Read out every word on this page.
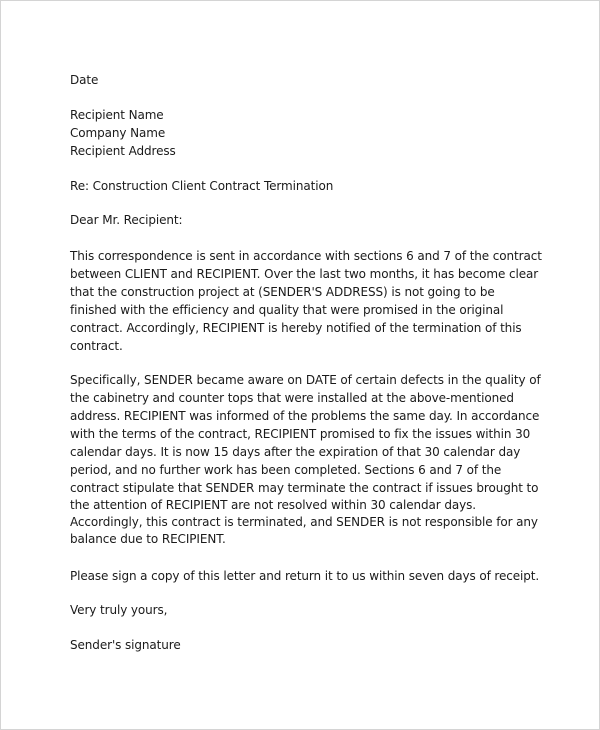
Date
Recipient Name
Company Name
Recipient Address
Re: Construction Client Contract Termination
Dear Mr. Recipient:
This correspondence is sent in accordance with sections 6 and 7 of the contract
between CLIENT and RECIPIENT. Over the last two months, it has become clear
that the construction project at (SENDER'S ADDRESS) is not going to be
finished with the efficiency and quality that were promised in the original
contract. Accordingly, RECIPIENT is hereby notified of the termination of this
contract.
Specifically, SENDER became aware on DATE of certain defects in the quality of
the cabinetry and counter tops that were installed at the above-mentioned
address. RECIPIENT was informed of the problems the same day. In accordance
with the terms of the contract, RECIPIENT promised to fix the issues within 30
calendar days. It is now 15 days after the expiration of that 30 calendar day
period, and no further work has been completed. Sections 6 and 7 of the
contract stipulate that SENDER may terminate the contract if issues brought to
the attention of RECIPIENT are not resolved within 30 calendar days.
Accordingly, this contract is terminated, and SENDER is not responsible for any
balance due to RECIPIENT.
Please sign a copy of this letter and return it to us within seven days of receipt.
Very truly yours,
Sender's signature
